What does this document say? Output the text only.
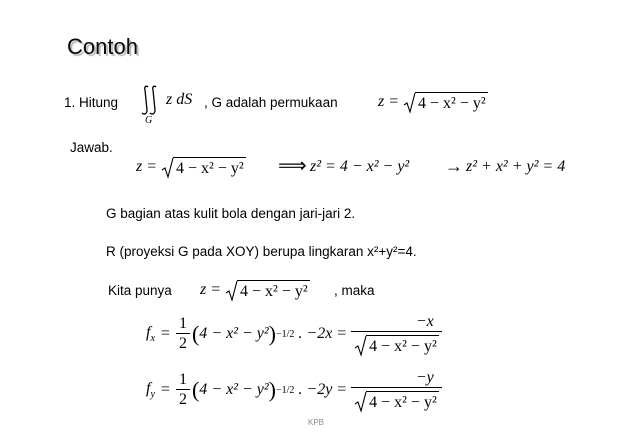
Contoh
1. Hitung	z dS
G
, G adalah permukaan	z = 4 − x² − y²
Jawab.
z = 4 − x² − y² ⟹ z² = 4 − x² − y² → z² + x² + y² = 4
G bagian atas kulit bola dengan jari-jari 2.
R (proyeksi G pada XOY) berupa lingkaran x²+y²=4.
Kita punya z = 4 − x² − y² , maka
$f_x = \frac{1}{2}$ ( 4 − x² − y² ) −1/2 . $-2x = \frac{-x}{\text{4 − x² − y²}}$
$f_y = \frac{1}{2}$ ( 4 − x² − y² ) −1/2 . $-2y = \frac{-y}{\text{4 − x² − y²}}$
KPB
